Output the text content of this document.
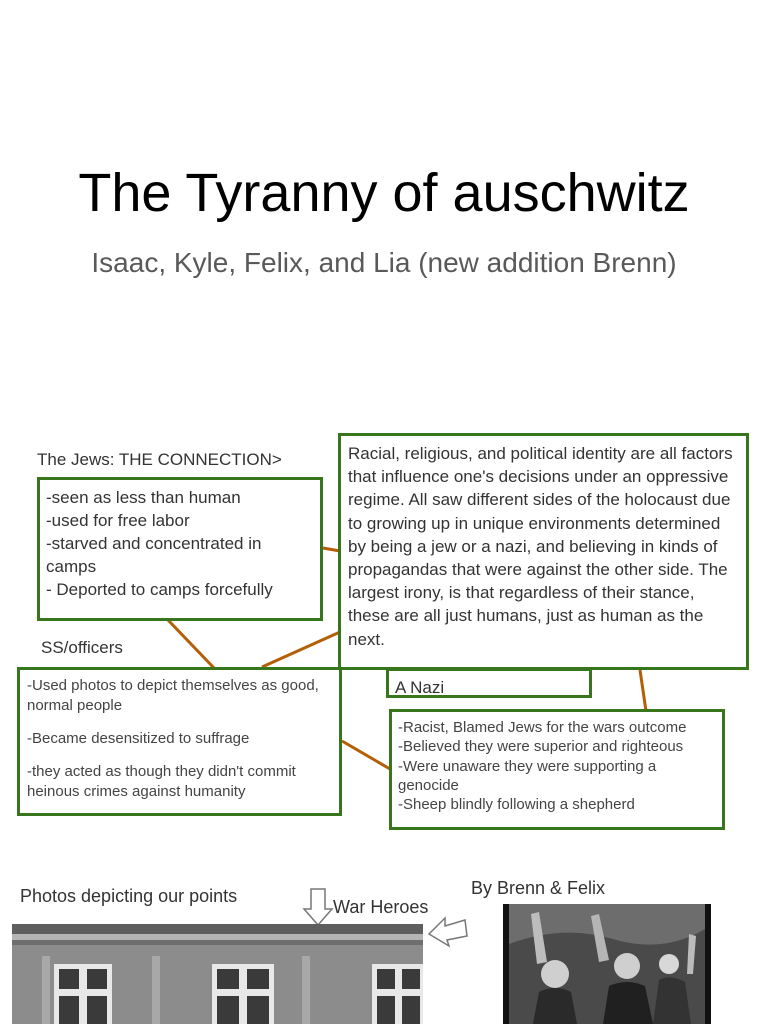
The Tyranny of auschwitz
Isaac, Kyle, Felix, and Lia (new addition Brenn)
The Jews: THE CONNECTION>
-seen as less than human
-used for free labor
-starved and concentrated in camps
- Deported to camps forcefully
Racial, religious, and political identity are all factors that influence one's decisions under an oppressive regime. All saw different sides of the holocaust due to growing up in unique environments determined by being a jew or a nazi, and believing in kinds of propagandas that were against the other side. The largest irony, is that regardless of their stance, these are all just humans, just as human as the next.
SS/officers
-Used photos to depict themselves as good, normal people
-Became desensitized to suffrage
-they acted as though they didn't commit heinous crimes against humanity
A Nazi
-Racist, Blamed Jews for the wars outcome
-Believed they were superior and righteous
-Were unaware they were supporting a genocide
-Sheep blindly following a shepherd
Photos depicting our points
War Heroes
By Brenn & Felix
